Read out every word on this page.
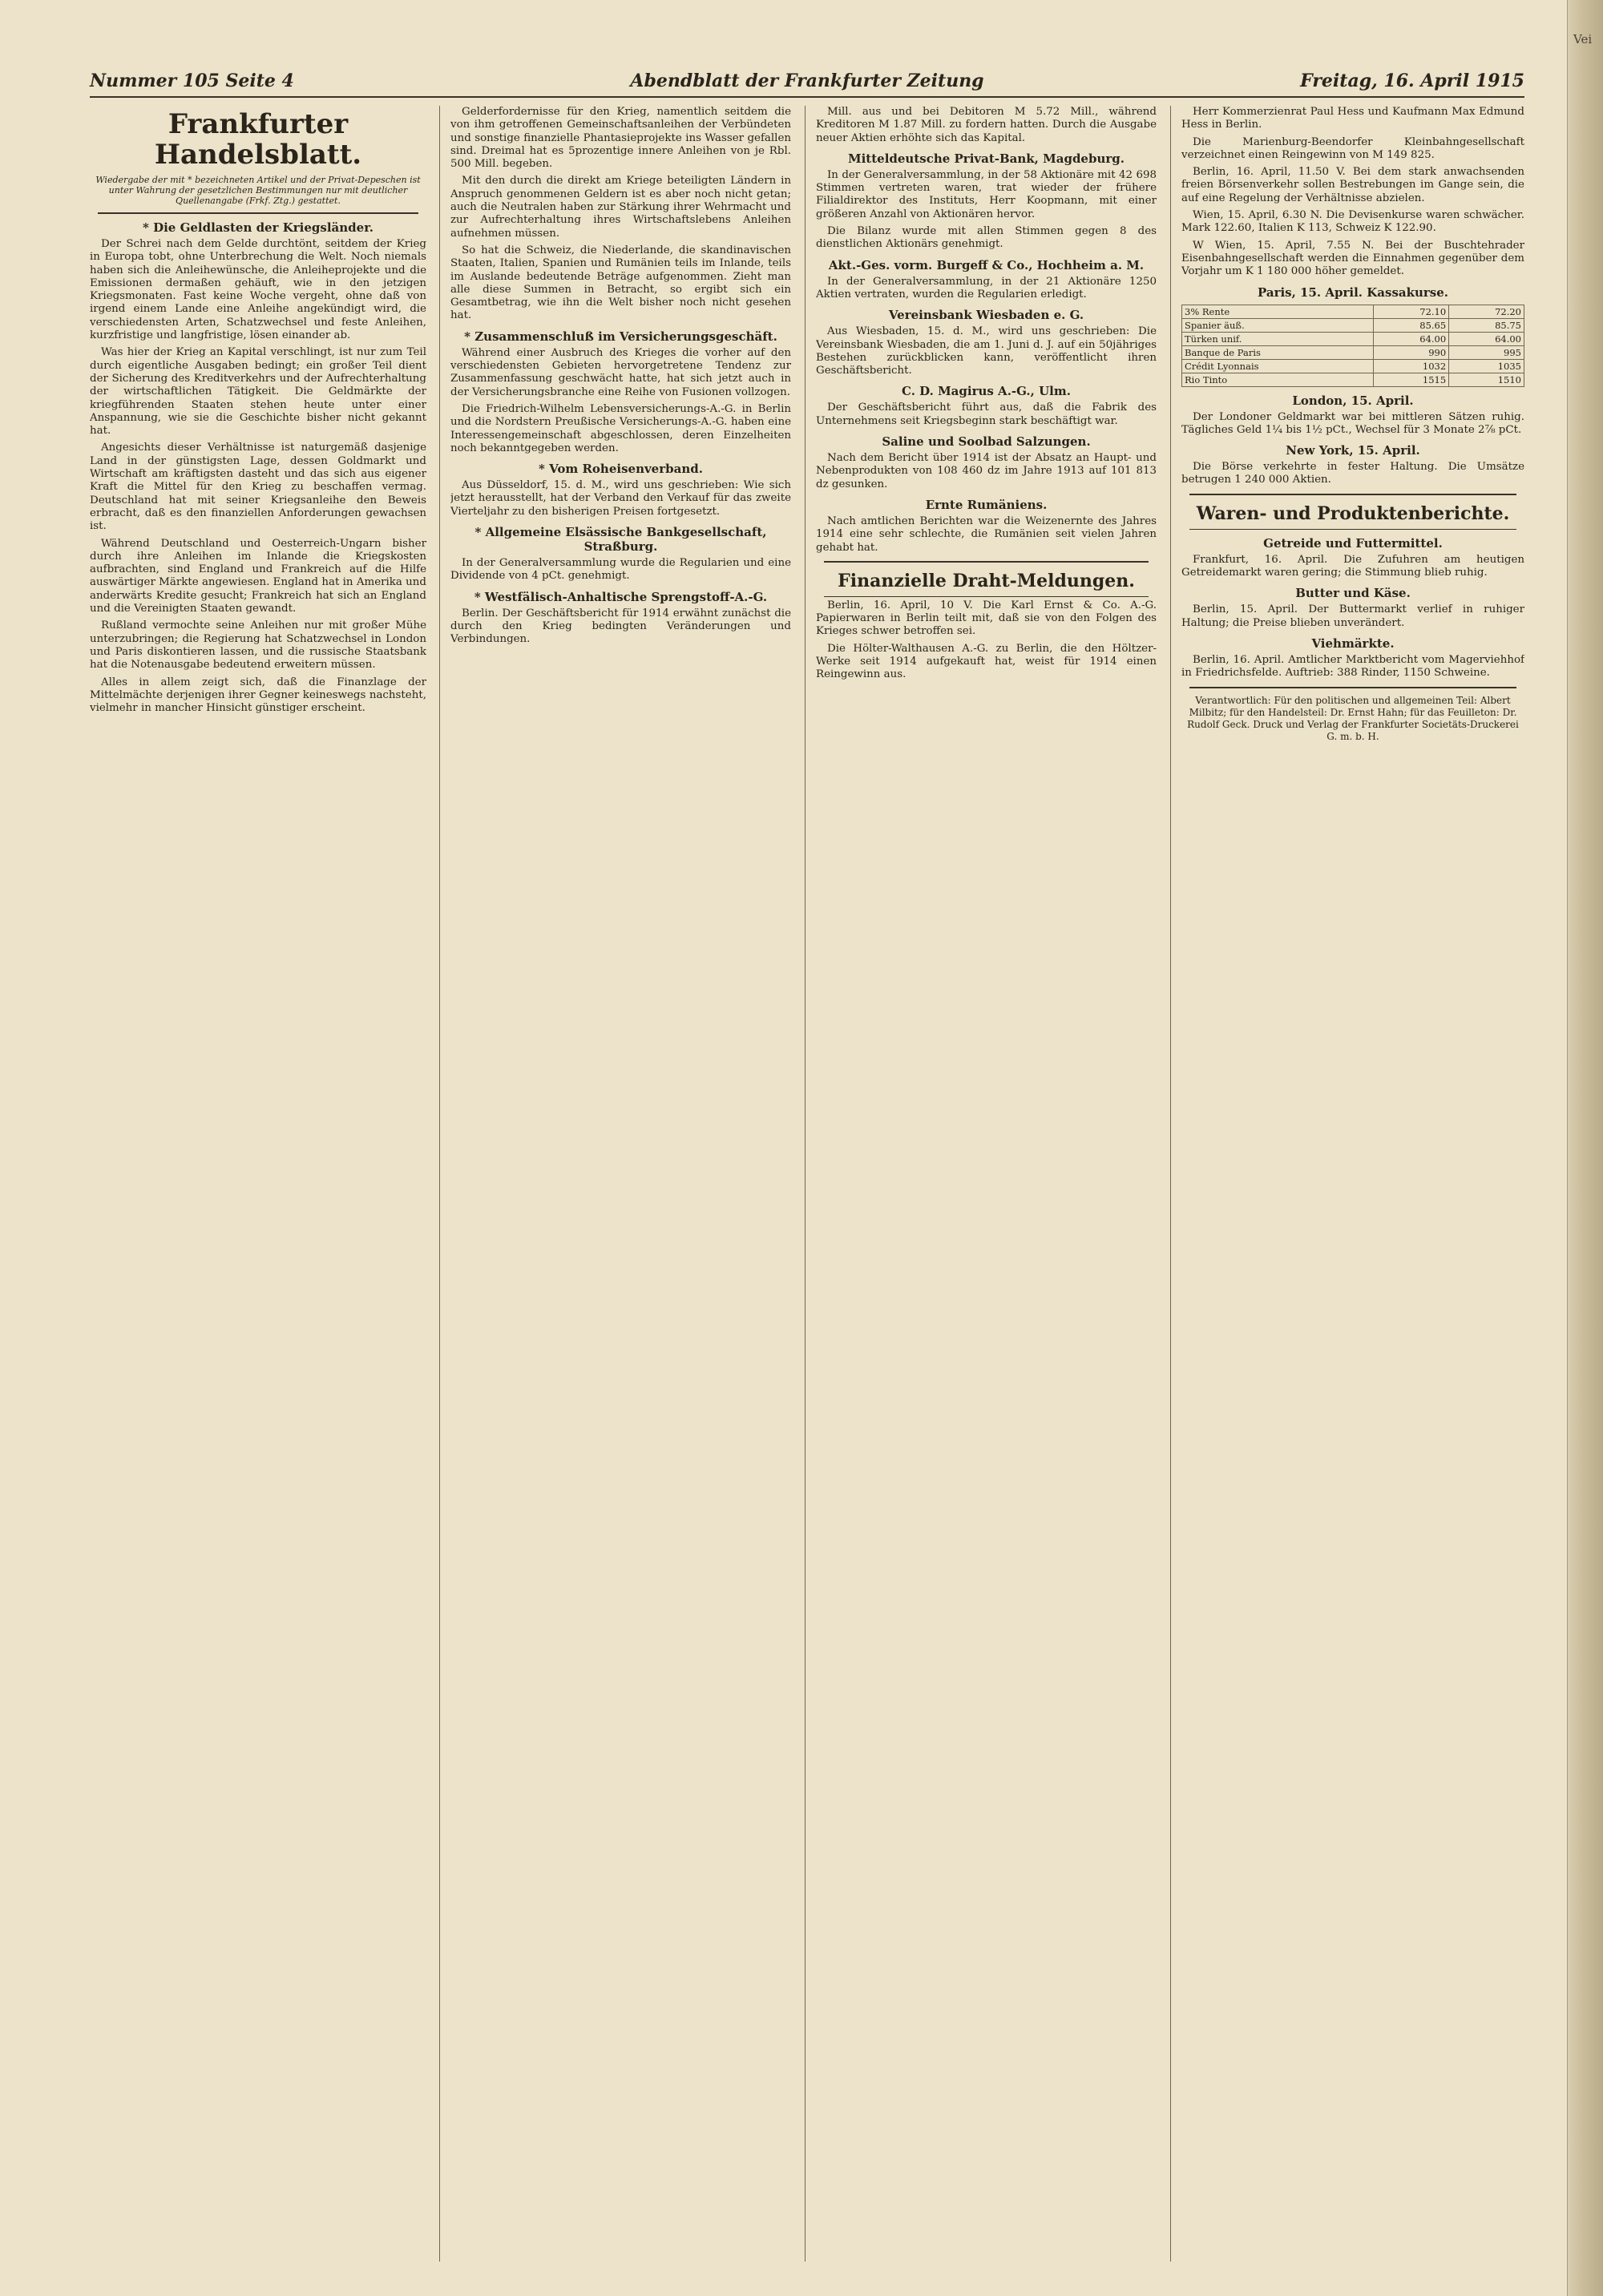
Vei
Nummer 105 Seite 4	Abendblatt der Frankfurter Zeitung	Freitag, 16. April 1915
Frankfurter Handelsblatt.

Wiedergabe der mit * bezeichneten Artikel und der Privat-Depeschen ist unter Wahrung der gesetzlichen Bestimmungen nur mit deutlicher Quellenangabe (Frkf. Ztg.) gestattet.

* Die Geldlasten der Kriegsländer.

Der Schrei nach dem Gelde durchtönt, seitdem der Krieg in Europa tobt, ohne Unterbrechung die Welt. Noch niemals haben sich die Anleihewünsche, die Anleiheprojekte und die Emissionen dermaßen gehäuft, wie in den jetzigen Kriegsmonaten. Fast keine Woche vergeht, ohne daß von irgend einem Lande eine Anleihe angekündigt wird, die verschiedensten Arten, Schatzwechsel und feste Anleihen, kurzfristige und langfristige, lösen einander ab.

Was hier der Krieg an Kapital verschlingt, ist nur zum Teil durch eigentliche Ausgaben bedingt; ein großer Teil dient der Sicherung des Kreditverkehrs und der Aufrechterhaltung der wirtschaftlichen Tätigkeit. Die Geldmärkte der kriegführenden Staaten stehen heute unter einer Anspannung, wie sie die Geschichte bisher nicht gekannt hat.

Angesichts dieser Verhältnisse ist naturgemäß dasjenige Land in der günstigsten Lage, dessen Goldmarkt und Wirtschaft am kräftigsten dasteht und das sich aus eigener Kraft die Mittel für den Krieg zu beschaffen vermag. Deutschland hat mit seiner Kriegsanleihe den Beweis erbracht, daß es den finanziellen Anforderungen gewachsen ist.

Während Deutschland und Oesterreich-Ungarn bisher durch ihre Anleihen im Inlande die Kriegskosten aufbrachten, sind England und Frankreich auf die Hilfe auswärtiger Märkte angewiesen. England hat in Amerika und anderwärts Kredite gesucht; Frankreich hat sich an England und die Vereinigten Staaten gewandt.

Rußland vermochte seine Anleihen nur mit großer Mühe unterzubringen; die Regierung hat Schatzwechsel in London und Paris diskontieren lassen, und die russische Staatsbank hat die Notenausgabe bedeutend erweitern müssen.

Alles in allem zeigt sich, daß die Finanzlage der Mittelmächte derjenigen ihrer Gegner keineswegs nachsteht, vielmehr in mancher Hinsicht günstiger erscheint.

Gelderfordernisse für den Krieg, namentlich seitdem die von ihm getroffenen Gemeinschaftsanleihen der Verbündeten und sonstige finanzielle Phantasieprojekte ins Wasser gefallen sind. Dreimal hat es 5prozentige innere Anleihen von je Rbl. 500 Mill. begeben.

Mit den durch die direkt am Kriege beteiligten Ländern in Anspruch genommenen Geldern ist es aber noch nicht getan; auch die Neutralen haben zur Stärkung ihrer Wehrmacht und zur Aufrechterhaltung ihres Wirtschaftslebens Anleihen aufnehmen müssen.

So hat die Schweiz, die Niederlande, die skandinavischen Staaten, Italien, Spanien und Rumänien teils im Inlande, teils im Auslande bedeutende Beträge aufgenommen. Zieht man alle diese Summen in Betracht, so ergibt sich ein Gesamtbetrag, wie ihn die Welt bisher noch nicht gesehen hat.

* Zusammenschluß im Versicherungsgeschäft.

Während einer Ausbruch des Krieges die vorher auf den verschiedensten Gebieten hervorgetretene Tendenz zur Zusammenfassung geschwächt hatte, hat sich jetzt auch in der Versicherungsbranche eine Reihe von Fusionen vollzogen.

Die Friedrich-Wilhelm Lebensversicherungs-A.-G. in Berlin und die Nordstern Preußische Versicherungs-A.-G. haben eine Interessengemeinschaft abgeschlossen, deren Einzelheiten noch bekanntgegeben werden.

* Vom Roheisenverband.

Aus Düsseldorf, 15. d. M., wird uns geschrieben: Wie sich jetzt herausstellt, hat der Verband den Verkauf für das zweite Vierteljahr zu den bisherigen Preisen fortgesetzt.

* Allgemeine Elsässische Bankgesellschaft, Straßburg.

In der Generalversammlung wurde die Regularien und eine Dividende von 4 pCt. genehmigt.

* Westfälisch-Anhaltische Sprengstoff-A.-G.

Berlin. Der Geschäftsbericht für 1914 erwähnt zunächst die durch den Krieg bedingten Veränderungen und Verbindungen.

Mill. aus und bei Debitoren M 5.72 Mill., während Kreditoren M 1.87 Mill. zu fordern hatten. Durch die Ausgabe neuer Aktien erhöhte sich das Kapital.

Mitteldeutsche Privat-Bank, Magdeburg.

In der Generalversammlung, in der 58 Aktionäre mit 42 698 Stimmen vertreten waren, trat wieder der frühere Filialdirektor des Instituts, Herr Koopmann, mit einer größeren Anzahl von Aktionären hervor.

Die Bilanz wurde mit allen Stimmen gegen 8 des dienstlichen Aktionärs genehmigt.

Akt.-Ges. vorm. Burgeff & Co., Hochheim a. M.

In der Generalversammlung, in der 21 Aktionäre 1250 Aktien vertraten, wurden die Regularien erledigt.

Vereinsbank Wiesbaden e. G.

Aus Wiesbaden, 15. d. M., wird uns geschrieben: Die Vereinsbank Wiesbaden, die am 1. Juni d. J. auf ein 50jähriges Bestehen zurückblicken kann, veröffentlicht ihren Geschäftsbericht.

C. D. Magirus A.-G., Ulm.

Der Geschäftsbericht führt aus, daß die Fabrik des Unternehmens seit Kriegsbeginn stark beschäftigt war.

Saline und Soolbad Salzungen.

Nach dem Bericht über 1914 ist der Absatz an Haupt- und Nebenprodukten von 108 460 dz im Jahre 1913 auf 101 813 dz gesunken.

Ernte Rumäniens.

Nach amtlichen Berichten war die Weizenernte des Jahres 1914 eine sehr schlechte, die Rumänien seit vielen Jahren gehabt hat.

Finanzielle Draht-Meldungen.

Berlin, 16. April, 10 V. Die Karl Ernst & Co. A.-G. Papierwaren in Berlin teilt mit, daß sie von den Folgen des Krieges schwer betroffen sei.

Die Hölter-Walthausen A.-G. zu Berlin, die den Höltzer-Werke seit 1914 aufgekauft hat, weist für 1914 einen Reingewinn aus.

Herr Kommerzienrat Paul Hess und Kaufmann Max Edmund Hess in Berlin.

Die Marienburg-Beendorfer Kleinbahngesellschaft verzeichnet einen Reingewinn von M 149 825.

Berlin, 16. April, 11.50 V. Bei dem stark anwachsenden freien Börsenverkehr sollen Bestrebungen im Gange sein, die auf eine Regelung der Verhältnisse abzielen.

Wien, 15. April, 6.30 N. Die Devisenkurse waren schwächer. Mark 122.60, Italien K 113, Schweiz K 122.90.

W Wien, 15. April, 7.55 N. Bei der Buschtehrader Eisenbahngesellschaft werden die Einnahmen gegenüber dem Vorjahr um K 1 180 000 höher gemeldet.

Paris, 15. April. Kassakurse.
3% Rente	72.10	72.20
Spanier äuß.	85.65	85.75
Türken unif.	64.00	64.00
Banque de Paris	990	995
Crédit Lyonnais	1032	1035
Rio Tinto	1515	1510
London, 15. April.

Der Londoner Geldmarkt war bei mittleren Sätzen ruhig. Tägliches Geld 1¼ bis 1½ pCt., Wechsel für 3 Monate 2⅞ pCt.

New York, 15. April.

Die Börse verkehrte in fester Haltung. Die Umsätze betrugen 1 240 000 Aktien.

Waren- und Produktenberichte.
Getreide und Futtermittel.

Frankfurt, 16. April. Die Zufuhren am heutigen Getreidemarkt waren gering; die Stimmung blieb ruhig.

Butter und Käse.

Berlin, 15. April. Der Buttermarkt verlief in ruhiger Haltung; die Preise blieben unverändert.

Viehmärkte.

Berlin, 16. April. Amtlicher Marktbericht vom Magerviehhof in Friedrichsfelde. Auftrieb: 388 Rinder, 1150 Schweine.

Verantwortlich: Für den politischen und allgemeinen Teil: Albert Milbitz; für den Handelsteil: Dr. Ernst Hahn; für das Feuilleton: Dr. Rudolf Geck. Druck und Verlag der Frankfurter Societäts-Druckerei G. m. b. H.
